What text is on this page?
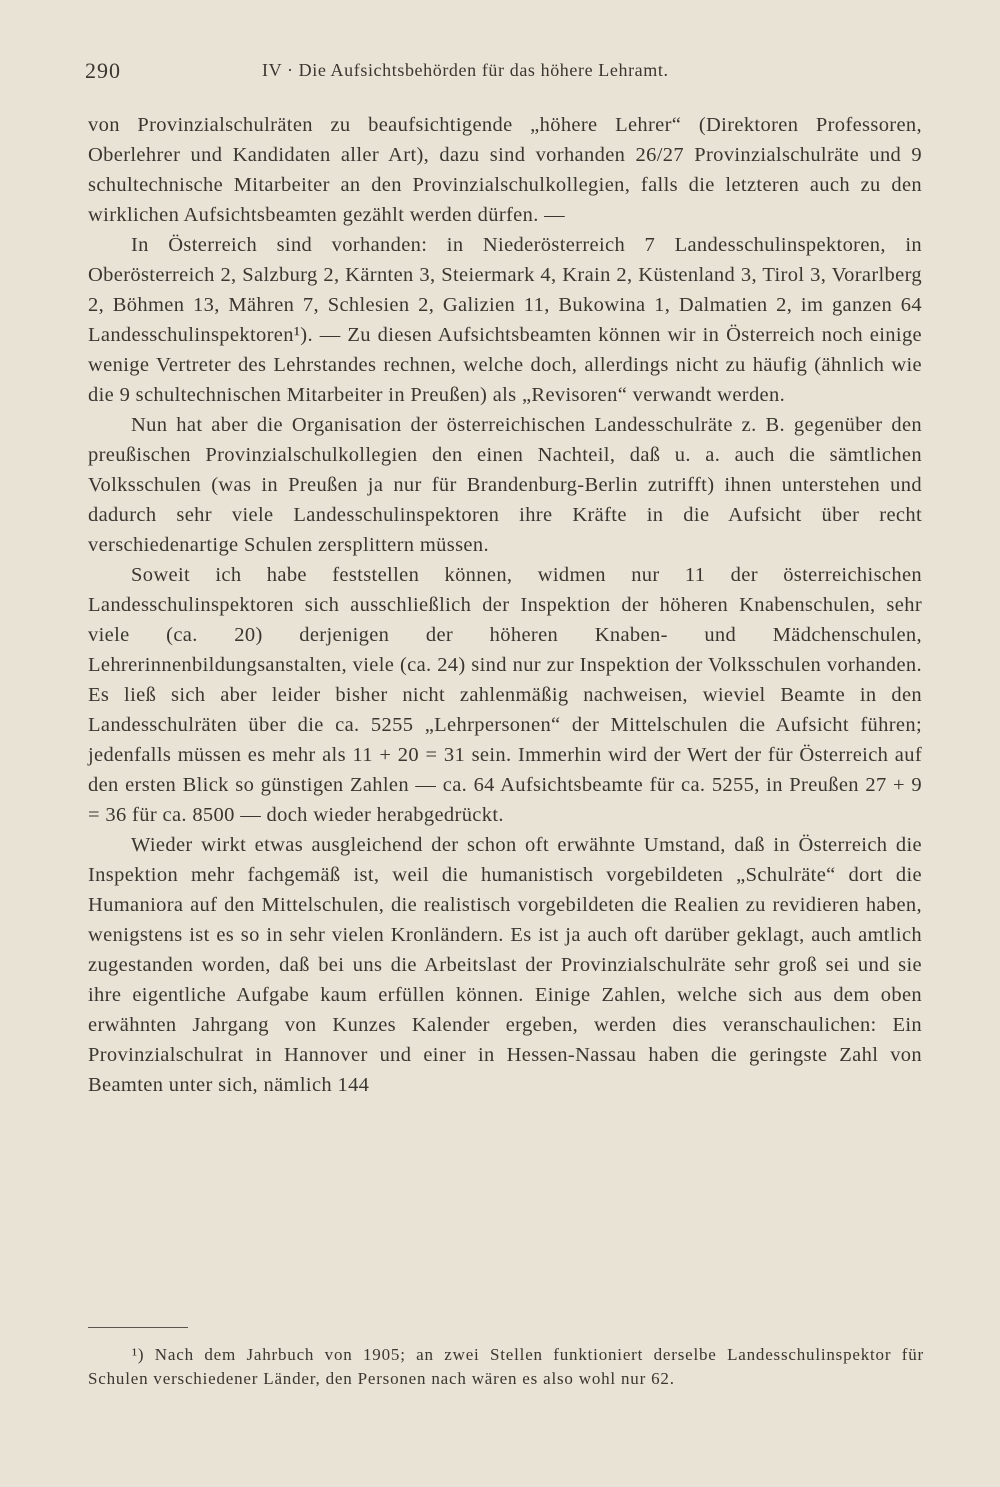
290	IV · Die Aufsichtsbehörden für das höhere Lehramt.

von Provinzialschulräten zu beaufsichtigende „höhere Lehrer“ (Direktoren Professoren, Oberlehrer und Kandidaten aller Art), dazu sind vorhanden 26/27 Provinzialschulräte und 9 schultechnische Mitarbeiter an den Provinzialschulkollegien, falls die letzteren auch zu den wirklichen Aufsichtsbeamten gezählt werden dürfen. —

In Österreich sind vorhanden: in Niederösterreich 7 Landesschulinspektoren, in Oberösterreich 2, Salzburg 2, Kärnten 3, Steiermark 4, Krain 2, Küstenland 3, Tirol 3, Vorarlberg 2, Böhmen 13, Mähren 7, Schlesien 2, Galizien 11, Bukowina 1, Dalmatien 2, im ganzen 64 Landesschulinspektoren¹). — Zu diesen Aufsichtsbeamten können wir in Österreich noch einige wenige Vertreter des Lehrstandes rechnen, welche doch, allerdings nicht zu häufig (ähnlich wie die 9 schultechnischen Mitarbeiter in Preußen) als „Revisoren“ verwandt werden.

Nun hat aber die Organisation der österreichischen Landesschulräte z. B. gegenüber den preußischen Provinzialschulkollegien den einen Nachteil, daß u. a. auch die sämtlichen Volksschulen (was in Preußen ja nur für Brandenburg-Berlin zutrifft) ihnen unterstehen und dadurch sehr viele Landesschulinspektoren ihre Kräfte in die Aufsicht über recht verschiedenartige Schulen zersplittern müssen.

Soweit ich habe feststellen können, widmen nur 11 der österreichischen Landesschulinspektoren sich ausschließlich der Inspektion der höheren Knabenschulen, sehr viele (ca. 20) derjenigen der höheren Knaben- und Mädchenschulen, Lehrerinnenbildungsanstalten, viele (ca. 24) sind nur zur Inspektion der Volksschulen vorhanden. Es ließ sich aber leider bisher nicht zahlenmäßig nachweisen, wieviel Beamte in den Landesschulräten über die ca. 5255 „Lehrpersonen“ der Mittelschulen die Aufsicht führen; jedenfalls müssen es mehr als 11 + 20 = 31 sein. Immerhin wird der Wert der für Österreich auf den ersten Blick so günstigen Zahlen — ca. 64 Aufsichtsbeamte für ca. 5255, in Preußen 27 + 9 = 36 für ca. 8500 — doch wieder herabgedrückt.

Wieder wirkt etwas ausgleichend der schon oft erwähnte Umstand, daß in Österreich die Inspektion mehr fachgemäß ist, weil die humanistisch vorgebildeten „Schulräte“ dort die Humaniora auf den Mittelschulen, die realistisch vorgebildeten die Realien zu revidieren haben, wenigstens ist es so in sehr vielen Kronländern. Es ist ja auch oft darüber geklagt, auch amtlich zugestanden worden, daß bei uns die Arbeitslast der Provinzialschulräte sehr groß sei und sie ihre eigentliche Aufgabe kaum erfüllen können. Einige Zahlen, welche sich aus dem oben erwähnten Jahrgang von Kunzes Kalender ergeben, werden dies veranschaulichen: Ein Provinzialschulrat in Hannover und einer in Hessen-Nassau haben die geringste Zahl von Beamten unter sich, nämlich 144

¹) Nach dem Jahrbuch von 1905; an zwei Stellen funktioniert derselbe Landesschulinspektor für Schulen verschiedener Länder, den Personen nach wären es also wohl nur 62.
